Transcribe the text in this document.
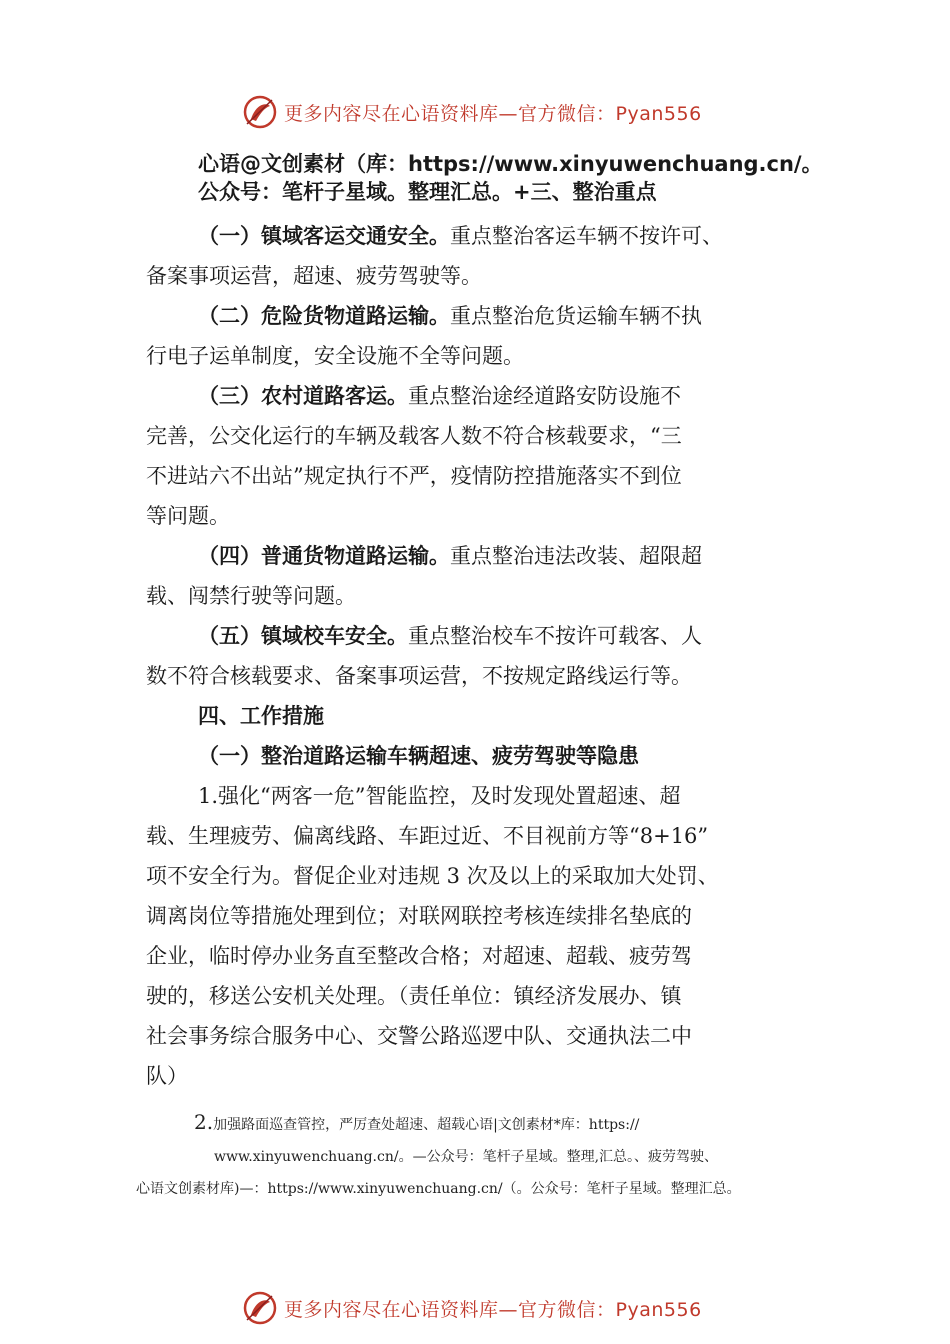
更多内容尽在心语资料库—官方微信：Pyan556
心语@文创素材（库：https://www.xinyuwenchuang.cn/。
公众号：笔杆子星域。整理汇总。+三、整治重点
（一）镇域客运交通安全。重点整治客运车辆不按许可、
备案事项运营，超速、疲劳驾驶等。
（二）危险货物道路运输。重点整治危货运输车辆不执
行电子运单制度，安全设施不全等问题。
（三）农村道路客运。重点整治途经道路安防设施不
完善，公交化运行的车辆及载客人数不符合核载要求，“三
不进站六不出站”规定执行不严，疫情防控措施落实不到位
等问题。
（四）普通货物道路运输。重点整治违法改装、超限超
载、闯禁行驶等问题。
（五）镇域校车安全。重点整治校车不按许可载客、人
数不符合核载要求、备案事项运营，不按规定路线运行等。
四、工作措施
（一）整治道路运输车辆超速、疲劳驾驶等隐患
1.强化“两客一危”智能监控，及时发现处置超速、超
载、生理疲劳、偏离线路、车距过近、不目视前方等“8+16”
项不安全行为。督促企业对违规 3 次及以上的采取加大处罚、
调离岗位等措施处理到位；对联网联控考核连续排名垫底的
企业，临时停办业务直至整改合格；对超速、超载、疲劳驾
驶的，移送公安机关处理。（责任单位：镇经济发展办、镇
社会事务综合服务中心、交警公路巡逻中队、交通执法二中
队）
2.加强路面巡查管控，严厉查处超速、超载心语|文创素材*库：https://
www.xinyuwenchuang.cn/。—公众号：笔杆子星域。整理,汇总。、疲劳驾驶、
心语文创素材库)—：https://www.xinyuwenchuang.cn/（。公众号：笔杆子星域。整理汇总。
更多内容尽在心语资料库—官方微信：Pyan556
